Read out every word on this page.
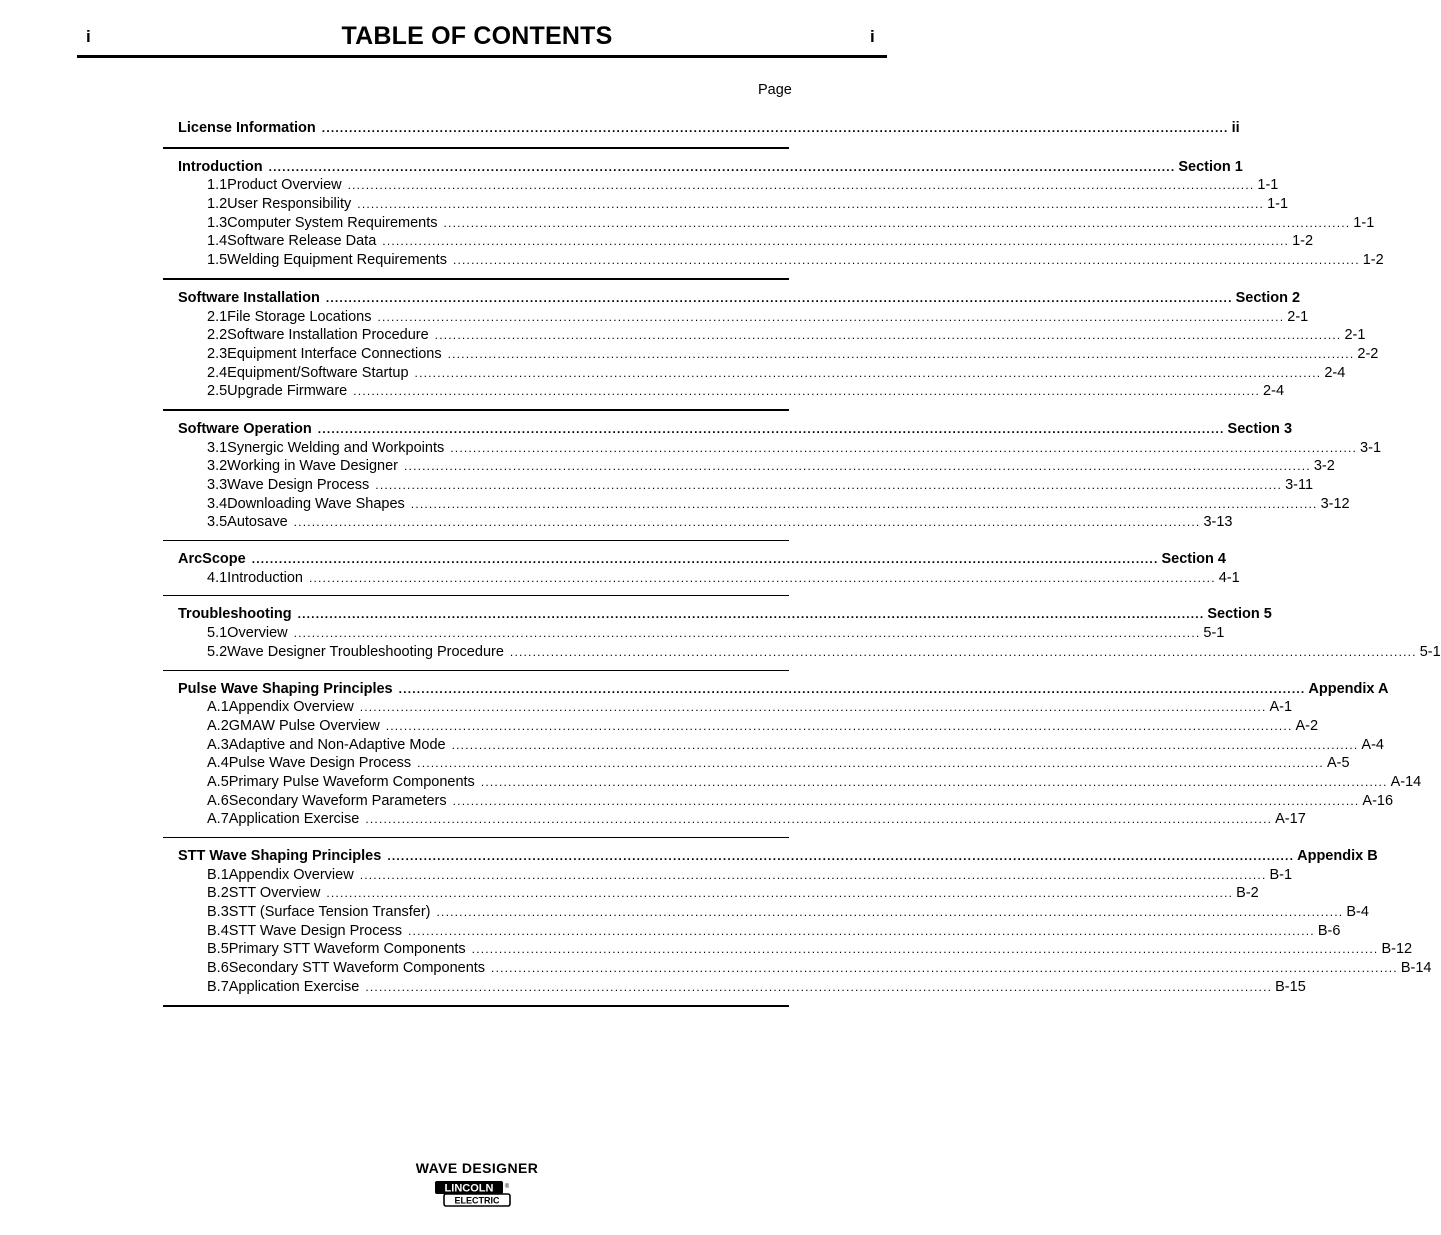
i	TABLE OF CONTENTS	i
Page
License Information ........................................................................................................................................................................................................ ii
Introduction ........................................................................................................................................................................................................ Section 1
1.1 Product Overview ........................................................................................................................................................................................................ 1-1
1.2 User Responsibility ........................................................................................................................................................................................................ 1-1
1.3 Computer System Requirements ........................................................................................................................................................................................................ 1-1
1.4 Software Release Data ........................................................................................................................................................................................................ 1-2
1.5 Welding Equipment Requirements ........................................................................................................................................................................................................ 1-2
Software Installation ........................................................................................................................................................................................................ Section 2
2.1 File Storage Locations ........................................................................................................................................................................................................ 2-1
2.2 Software Installation Procedure ........................................................................................................................................................................................................ 2-1
2.3 Equipment Interface Connections ........................................................................................................................................................................................................ 2-2
2.4 Equipment/Software Startup ........................................................................................................................................................................................................ 2-4
2.5 Upgrade Firmware ........................................................................................................................................................................................................ 2-4
Software Operation ........................................................................................................................................................................................................ Section 3
3.1 Synergic Welding and Workpoints ........................................................................................................................................................................................................ 3-1
3.2 Working in Wave Designer ........................................................................................................................................................................................................ 3-2
3.3 Wave Design Process ........................................................................................................................................................................................................ 3-11
3.4 Downloading Wave Shapes ........................................................................................................................................................................................................ 3-12
3.5 Autosave ........................................................................................................................................................................................................ 3-13
ArcScope ........................................................................................................................................................................................................ Section 4
4.1 Introduction ........................................................................................................................................................................................................ 4-1
Troubleshooting ........................................................................................................................................................................................................ Section 5
5.1 Overview ........................................................................................................................................................................................................ 5-1
5.2 Wave Designer Troubleshooting Procedure ........................................................................................................................................................................................................ 5-1
Pulse Wave Shaping Principles ........................................................................................................................................................................................................ Appendix A
A.1 Appendix Overview ........................................................................................................................................................................................................ A-1
A.2 GMAW Pulse Overview ........................................................................................................................................................................................................ A-2
A.3 Adaptive and Non-Adaptive Mode ........................................................................................................................................................................................................ A-4
A.4 Pulse Wave Design Process ........................................................................................................................................................................................................ A-5
A.5 Primary Pulse Waveform Components ........................................................................................................................................................................................................ A-14
A.6 Secondary Waveform Parameters ........................................................................................................................................................................................................ A-16
A.7 Application Exercise ........................................................................................................................................................................................................ A-17
STT Wave Shaping Principles ........................................................................................................................................................................................................ Appendix B
B.1 Appendix Overview ........................................................................................................................................................................................................ B-1
B.2 STT Overview ........................................................................................................................................................................................................ B-2
B.3 STT (Surface Tension Transfer) ........................................................................................................................................................................................................ B-4
B.4 STT Wave Design Process ........................................................................................................................................................................................................ B-6
B.5 Primary STT Waveform Components ........................................................................................................................................................................................................ B-12
B.6 Secondary STT Waveform Components ........................................................................................................................................................................................................ B-14
B.7 Application Exercise ........................................................................................................................................................................................................ B-15
WAVE DESIGNER
LINCOLN ®
ELECTRIC
